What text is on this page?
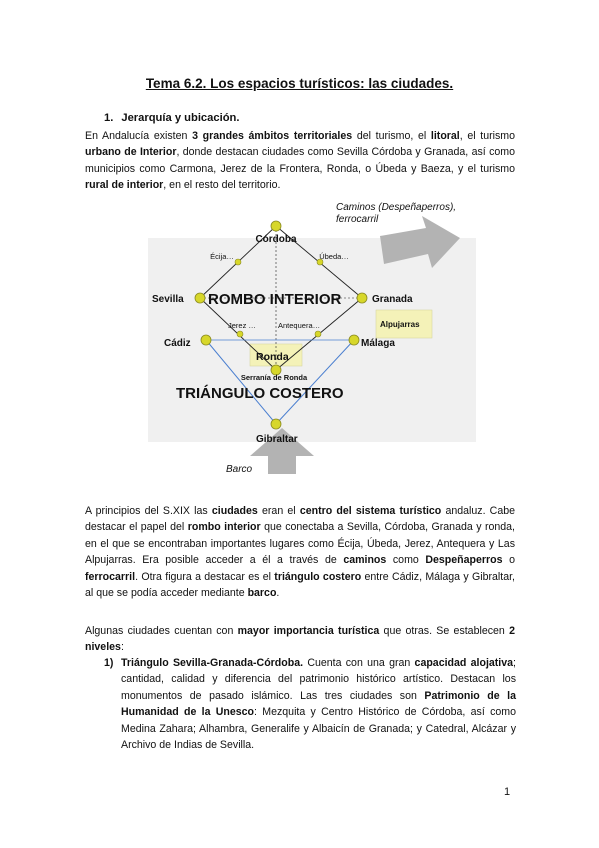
Tema 6.2. Los espacios turísticos: las ciudades.
1. Jerarquía y ubicación.
En Andalucía existen 3 grandes ámbitos territoriales del turismo, el litoral, el turismo urbano de Interior, donde destacan ciudades como Sevilla Córdoba y Granada, así como municipios como Carmona, Jerez de la Frontera, Ronda, o Úbeda y Baeza, y el turismo rural de interior, en el resto del territorio.
Córdoba
Écija…	Úbeda…
Sevilla ROMBO INTERIOR	Granada
Alpujarras
Jerez …	Antequera…
Cádiz	Málaga
Ronda
Serranía de Ronda
TRIÁNGULO COSTERO
Gibraltar
Barco
Caminos (Despeñaperros),
ferrocarril
A principios del S.XIX las ciudades eran el centro del sistema turístico andaluz. Cabe destacar el papel del rombo interior que conectaba a Sevilla, Córdoba, Granada y ronda, en el que se encontraban importantes lugares como Écija, Úbeda, Jerez, Antequera y Las Alpujarras. Era posible acceder a él a través de caminos como Despeñaperros o ferrocarril. Otra figura a destacar es el triángulo costero entre Cádiz, Málaga y Gibraltar, al que se podía acceder mediante barco.
Algunas ciudades cuentan con mayor importancia turística que otras. Se establecen 2 niveles:
1) Triángulo Sevilla-Granada-Córdoba. Cuenta con una gran capacidad alojativa; cantidad, calidad y diferencia del patrimonio histórico artístico. Destacan los monumentos de pasado islámico. Las tres ciudades son Patrimonio de la Humanidad de la Unesco: Mezquita y Centro Histórico de Córdoba, así como Medina Zahara; Alhambra, Generalife y Albaicín de Granada; y Catedral, Alcázar y Archivo de Indias de Sevilla.
1
